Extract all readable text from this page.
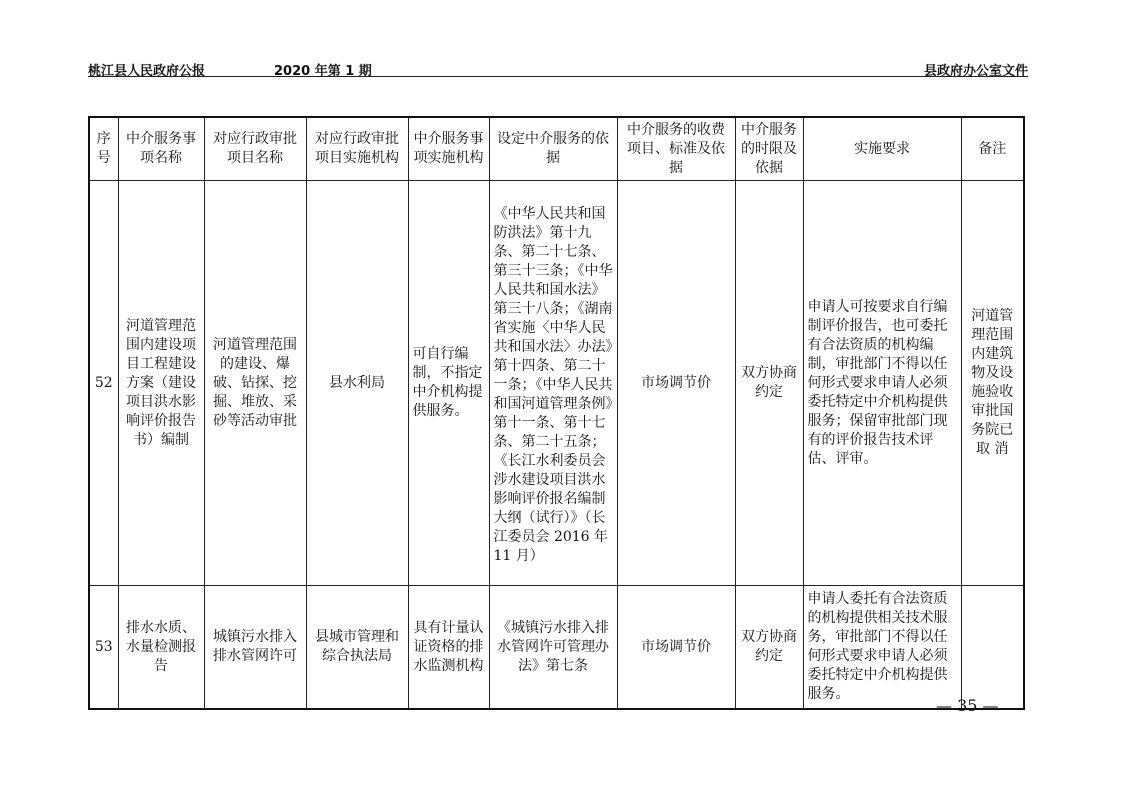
桃江县人民政府公报	2020 年第 1 期	县政府办公室文件
序号	中介服务事项名称	对应行政审批项目名称	对应行政审批项目实施机构	中介服务事项实施机构	设定中介服务的依据	中介服务的收费项目、标准及依据	中介服务的时限及依据	实施要求	备注
52	河道管理范围内建设项目工程建设方案（建设项目洪水影响评价报告书）编制	河道管理范围的建设、爆破、钻探、挖掘、堆放、采砂等活动审批	县水利局	可自行编制，不指定中介机构提供服务。	《中华人民共和国防洪法》第十九条、第二十七条、第三十三条；《中华人民共和国水法》第三十八条；《湖南省实施〈中华人民共和国水法〉办法》第十四条、第二十一条；《中华人民共和国河道管理条例》第十一条、第十七条、第二十五条；《长江水利委员会涉水建设项目洪水影响评价报名编制大纲（试行）》（长江委员会 2016 年 11 月）	市场调节价	双方协商约定	申请人可按要求自行编制评价报告，也可委托有合法资质的机构编制，审批部门不得以任何形式要求申请人必须委托特定中介机构提供服务；保留审批部门现有的评价报告技术评估、评审。	河道管理范围内建筑物及设施验收审批国务院已取 消
53	排水水质、水量检测报告	城镇污水排入排水管网许可	县城市管理和综合执法局	具有计量认证资格的排水监测机构	《城镇污水排入排水管网许可管理办法》第七条	市场调节价	双方协商约定	申请人委托有合法资质的机构提供相关技术服务，审批部门不得以任何形式要求申请人必须委托特定中介机构提供服务。	
— 35 —
